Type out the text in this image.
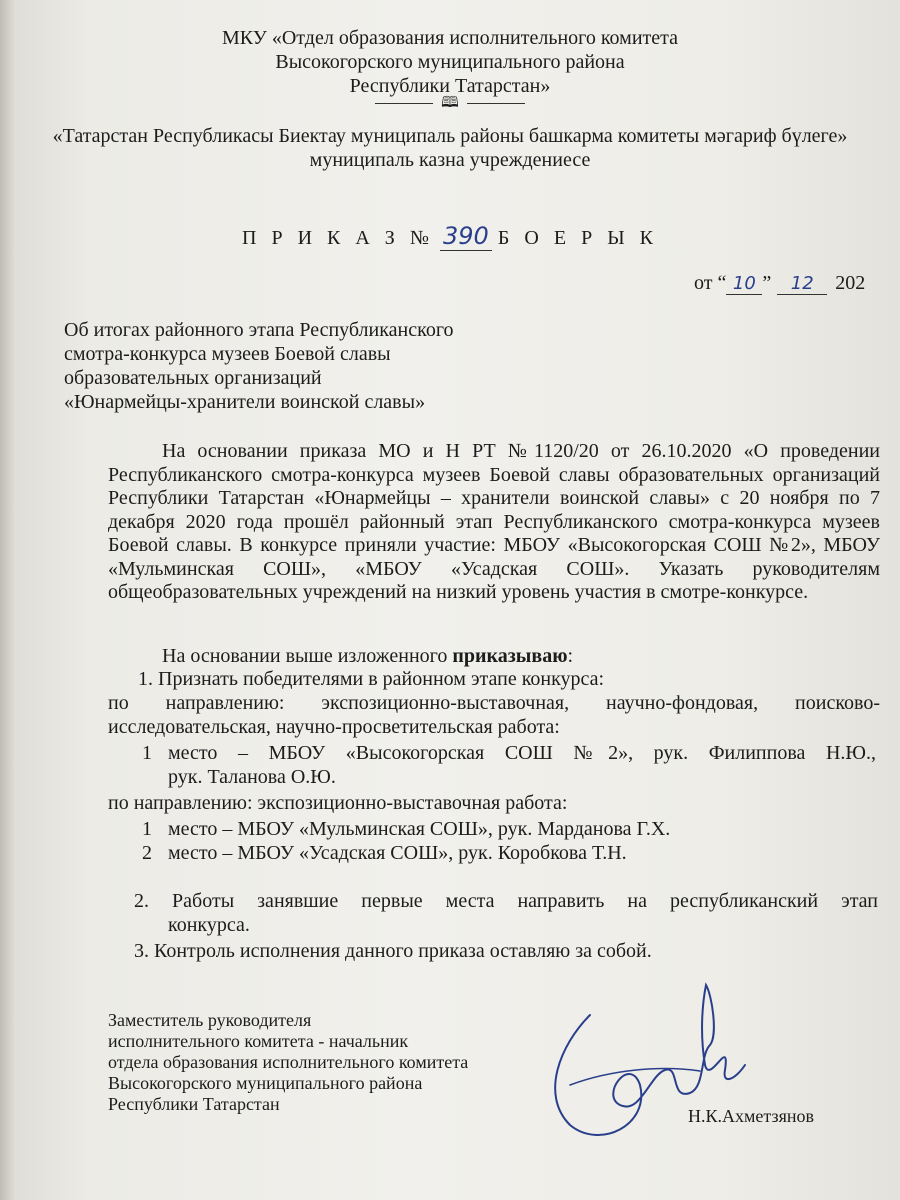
МКУ «Отдел образования исполнительного комитета
Высокогорского муниципального района
Республики Татарстан»
🕮
«Татарстан Республикасы Биектау муниципаль районы башкарма комитеты мәгариф бүлеге» муниципаль казна учреждениесе
П Р И К А З № 390 Б О Е Р Ы К
от “ 10 ” 12 202
Об итогах районного этапа Республиканского
смотра-конкурса музеев Боевой славы
образовательных организаций
«Юнармейцы-хранители воинской славы»

На основании приказа МО и Н РТ №1120/20 от 26.10.2020 «О проведении Республиканского смотра-конкурса музеев Боевой славы образовательных организаций Республики Татарстан «Юнармейцы – хранители воинской славы» с 20 ноября по 7 декабря 2020 года прошёл районный этап Республиканского смотра-конкурса музеев Боевой славы. В конкурсе приняли участие: МБОУ «Высокогорская СОШ №2», МБОУ «Мульминская СОШ», «МБОУ «Усадская СОШ». Указать руководителям общеобразовательных учреждений на низкий уровень участия в смотре-конкурсе.

На основании выше изложенного приказываю:
1. Признать победителями в районном этапе конкурса:
по направлению: экспозиционно-выставочная, научно-фондовая, поисково-
исследовательская, научно-просветительская работа:
1 место – МБОУ «Высокогорская СОШ №2», рук. Филиппова Н.Ю.,
рук. Таланова О.Ю.
по направлению: экспозиционно-выставочная работа:
1 место – МБОУ «Мульминская СОШ», рук. Марданова Г.Х.
2 место – МБОУ «Усадская СОШ», рук. Коробкова Т.Н.
2. Работы занявшие первые места направить на республиканский этап
конкурса.
3. Контроль исполнения данного приказа оставляю за собой.
Заместитель руководителя
исполнительного комитета - начальник
отдела образования исполнительного комитета
Высокогорского муниципального района
Республики Татарстан
Н.К.Ахметзянов
